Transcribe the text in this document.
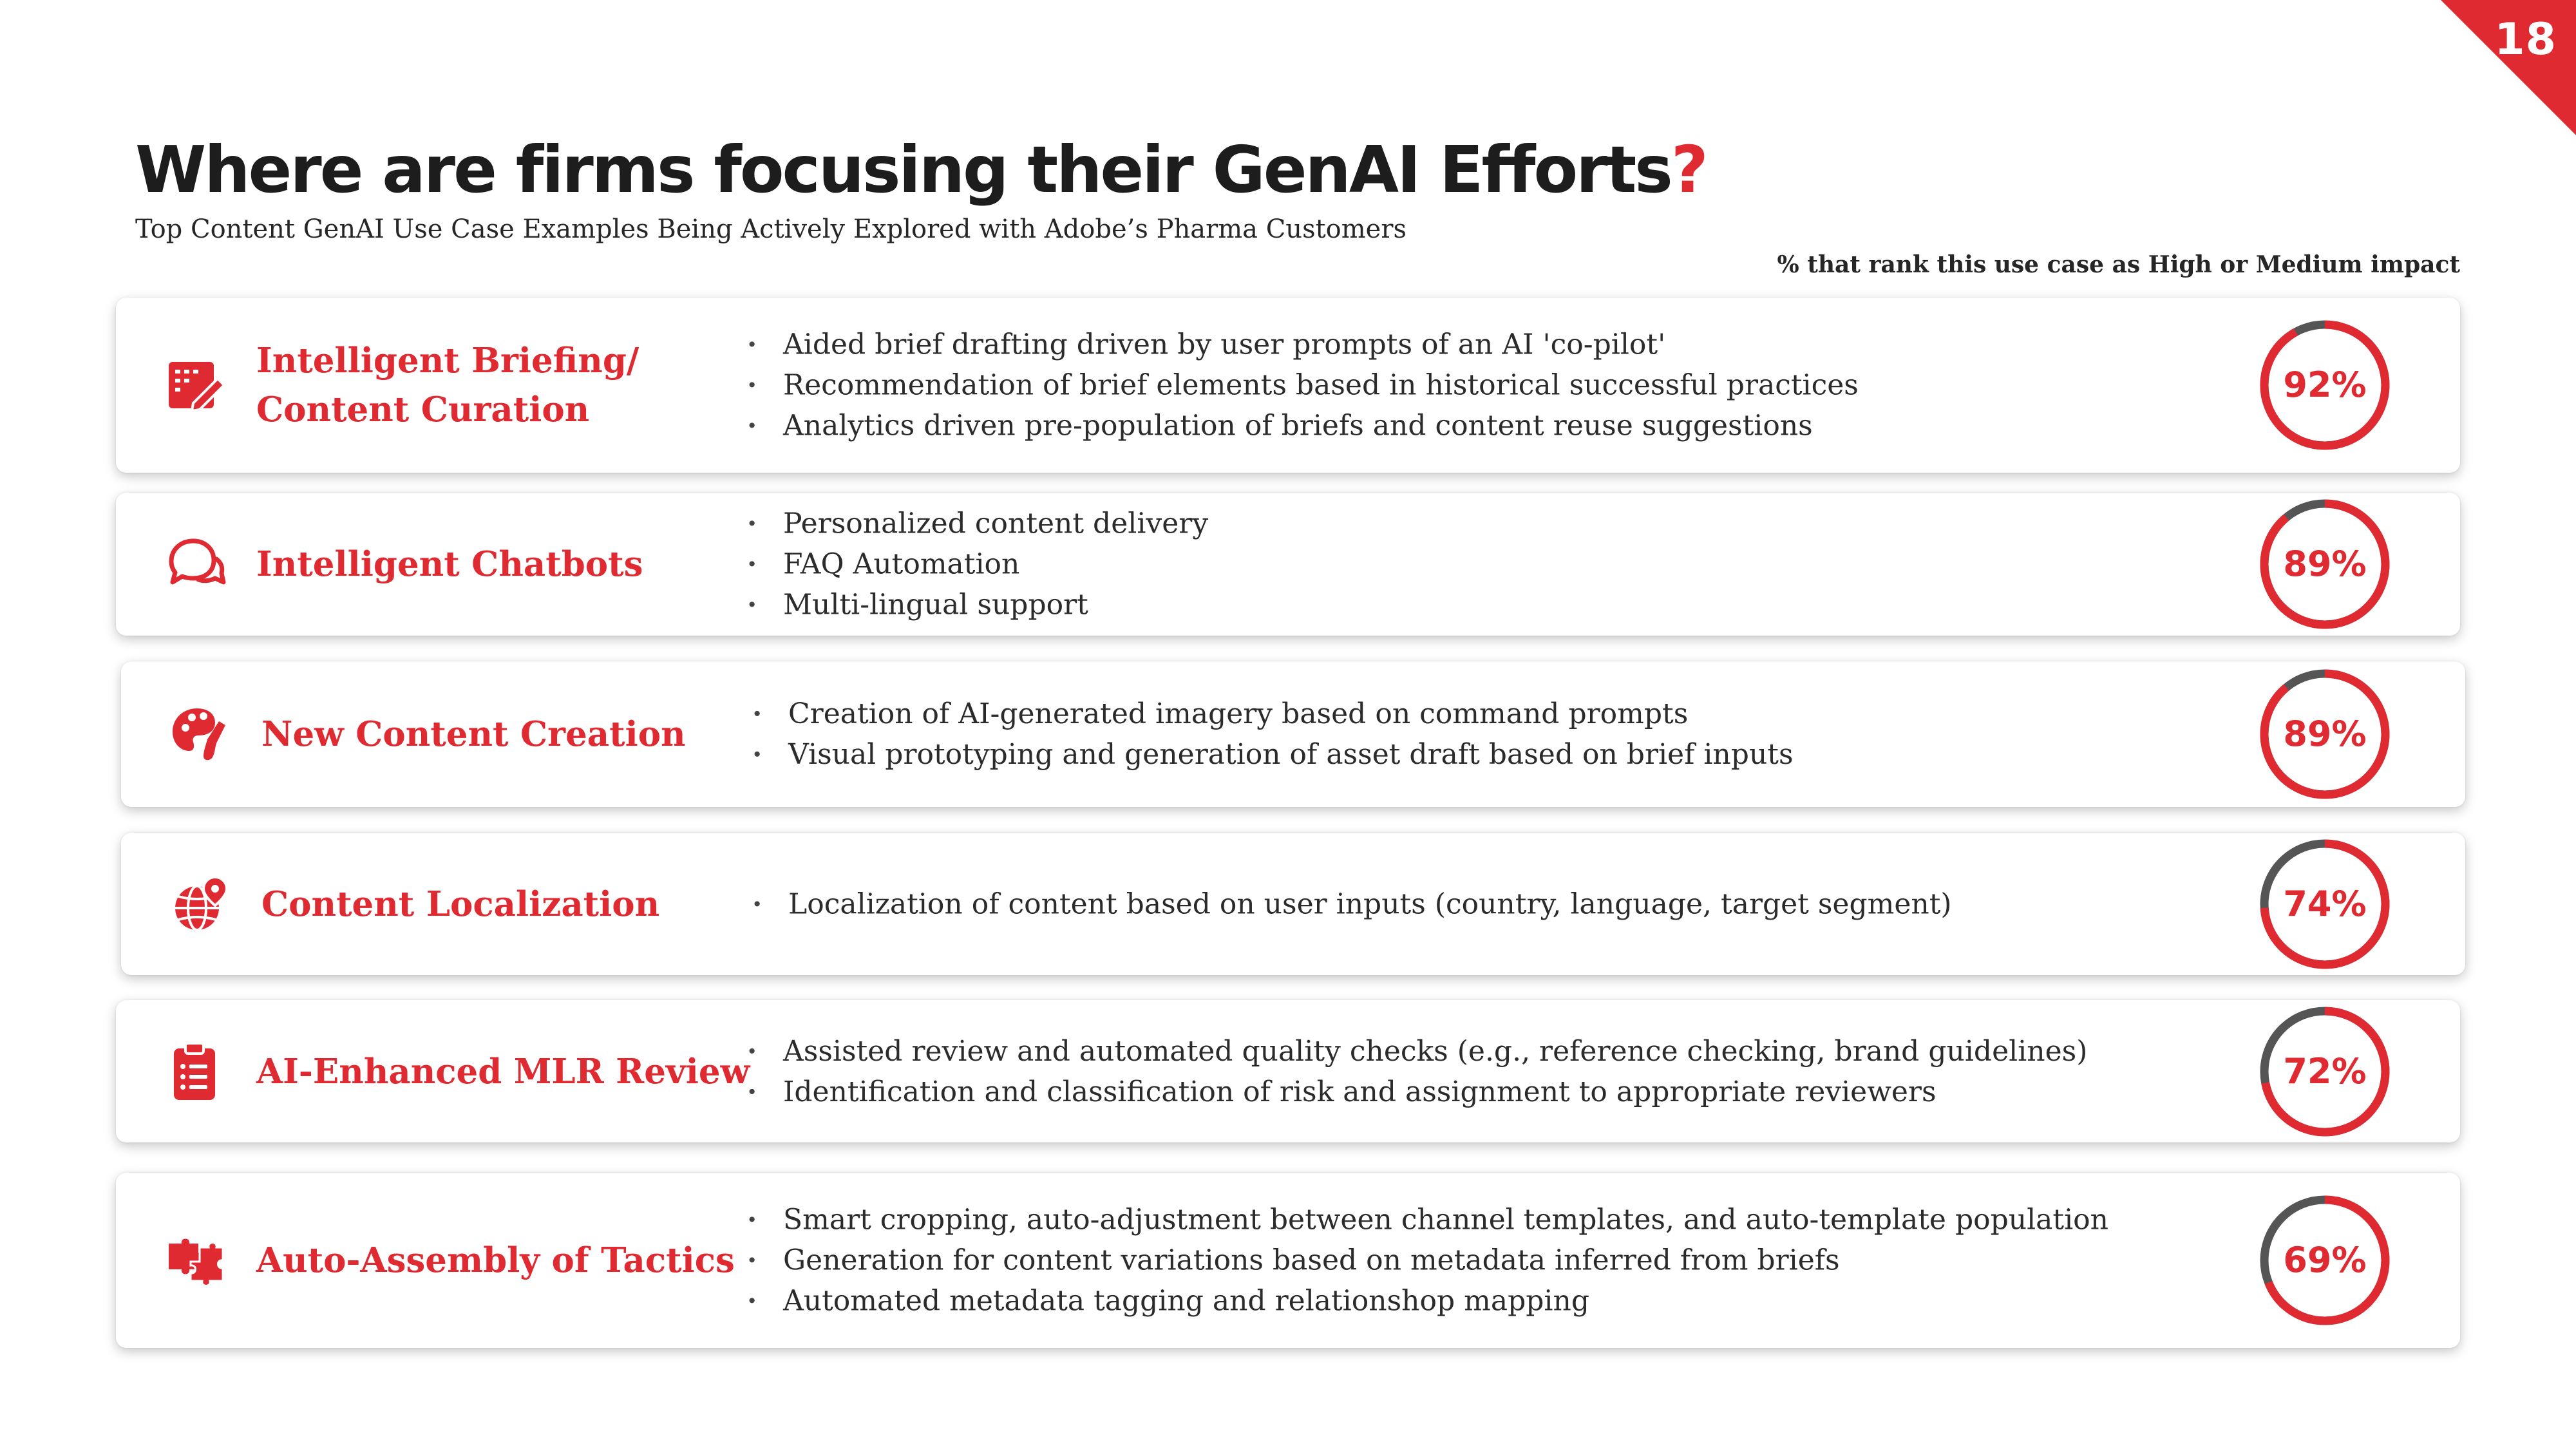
18
Where are firms focusing their GenAI Efforts?
Top Content GenAI Use Case Examples Being Actively Explored with Adobe’s Pharma Customers
% that rank this use case as High or Medium impact
Intelligent Briefing/
Content Curation
· Aided brief drafting driven by user prompts of an AI 'co-pilot'
· Recommendation of brief elements based in historical successful practices
· Analytics driven pre-population of briefs and content reuse suggestions
92%
Intelligent Chatbots
· Personalized content delivery
· FAQ Automation
· Multi-lingual support
89%
New Content Creation
· Creation of AI-generated imagery based on command prompts
· Visual prototyping and generation of asset draft based on brief inputs
89%
Content Localization
·	Localization of content based on user inputs (country, language, target segment)	74%
AI-Enhanced MLR Review
· Assisted review and automated quality checks (e.g., reference checking, brand guidelines)
· Identification and classification of risk and assignment to appropriate reviewers
72%
Auto-Assembly of Tactics
· Smart cropping, auto-adjustment between channel templates, and auto-template population
· Generation for content variations based on metadata inferred from briefs
· Automated metadata tagging and relationshop mapping
69%
